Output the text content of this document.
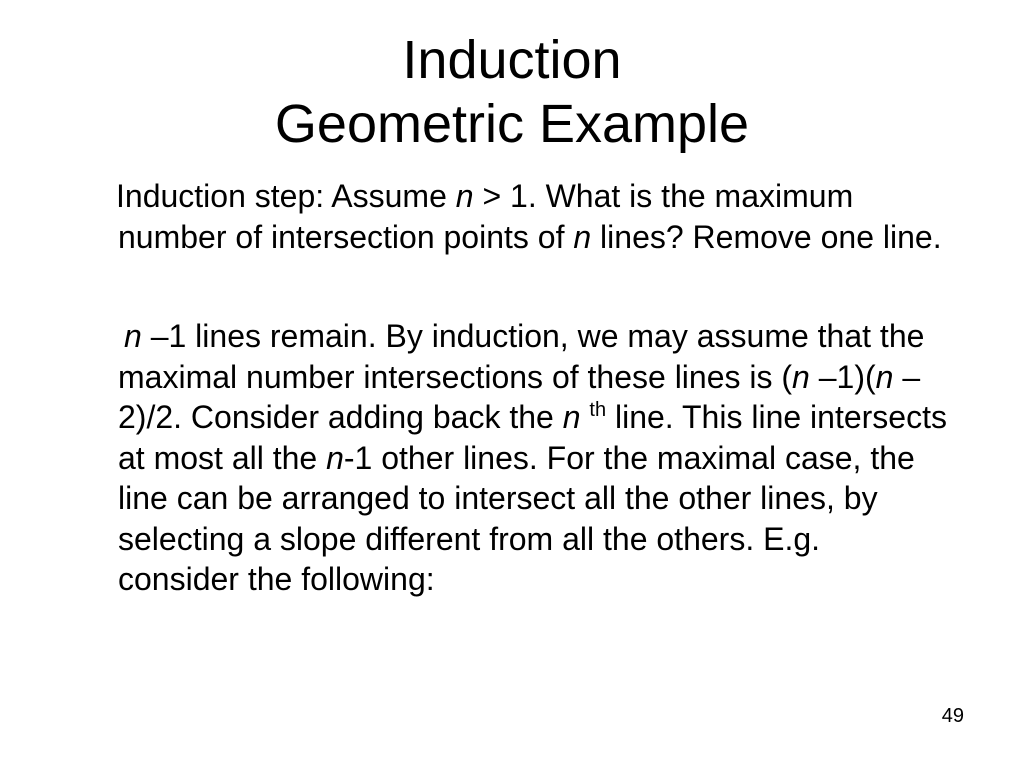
Induction
Geometric Example
Induction step: Assume n > 1. What is the maximum number of intersection points of n lines? Remove one line.
n –1 lines remain. By induction, we may assume that the maximal number intersections of these lines is (n –1)(n –2)/2. Consider adding back the n $^{th}$ line. This line intersects at most all the n-1 other lines. For the maximal case, the line can be arranged to intersect all the other lines, by selecting a slope different from all the others. E.g. consider the following:
49
